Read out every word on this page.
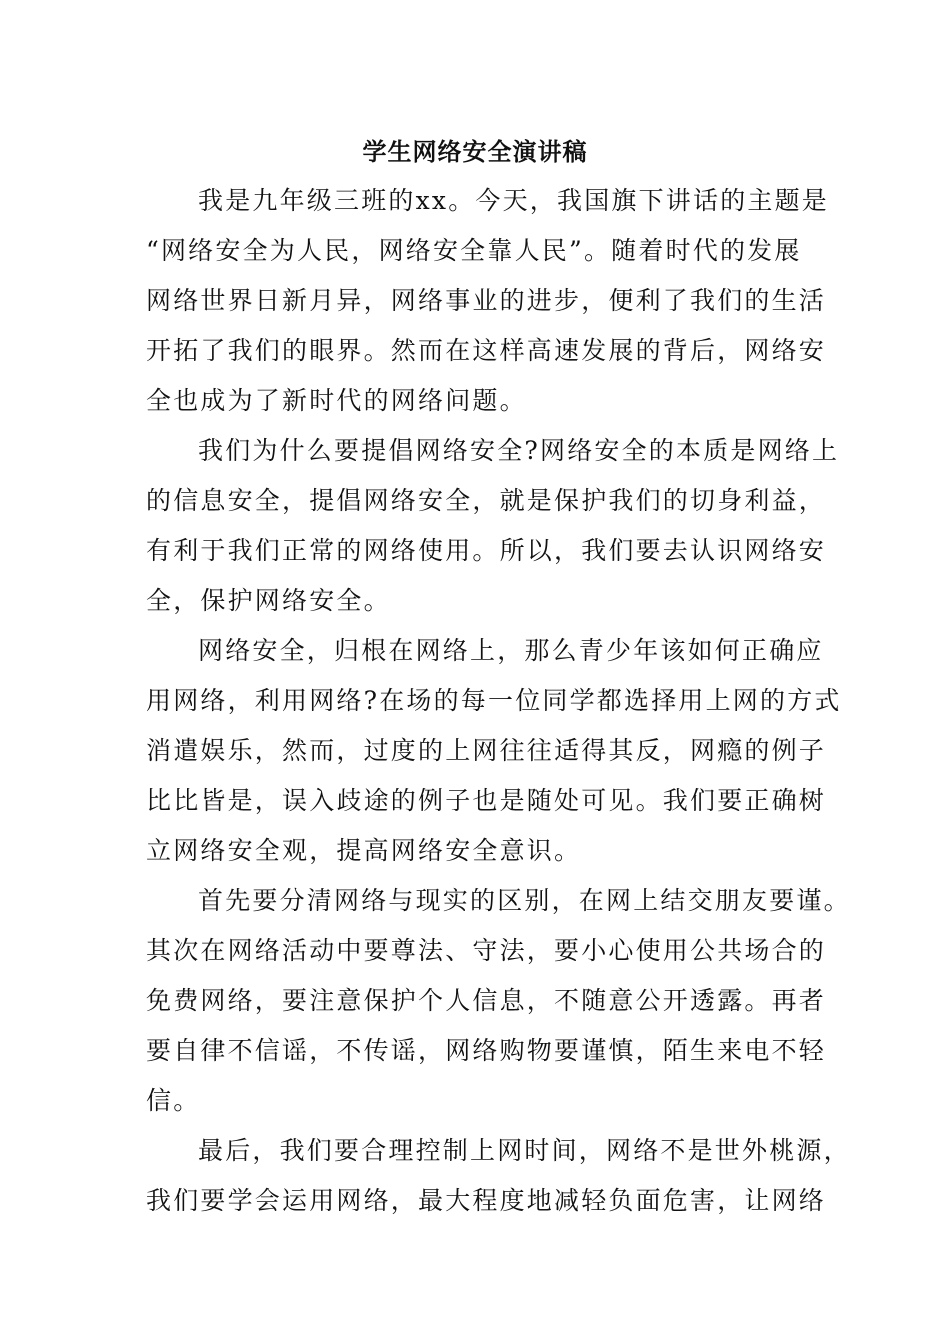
学生网络安全演讲稿
我是九年级三班的xx。今天，我国旗下讲话的主题是
“网络安全为人民，网络安全靠人民”。随着时代的发展
网络世界日新月异，网络事业的进步，便利了我们的生活
开拓了我们的眼界。然而在这样高速发展的背后，网络安
全也成为了新时代的网络问题。
我们为什么要提倡网络安全?网络安全的本质是网络上
的信息安全，提倡网络安全，就是保护我们的切身利益，
有利于我们正常的网络使用。所以，我们要去认识网络安
全，保护网络安全。
网络安全，归根在网络上，那么青少年该如何正确应
用网络，利用网络?在场的每一位同学都选择用上网的方式
消遣娱乐，然而，过度的上网往往适得其反，网瘾的例子
比比皆是，误入歧途的例子也是随处可见。我们要正确树
立网络安全观，提高网络安全意识。
首先要分清网络与现实的区别，在网上结交朋友要谨。
其次在网络活动中要尊法、守法，要小心使用公共场合的
免费网络，要注意保护个人信息，不随意公开透露。再者
要自律不信谣，不传谣，网络购物要谨慎，陌生来电不轻
信。
最后，我们要合理控制上网时间，网络不是世外桃源，
我们要学会运用网络，最大程度地减轻负面危害，让网络
